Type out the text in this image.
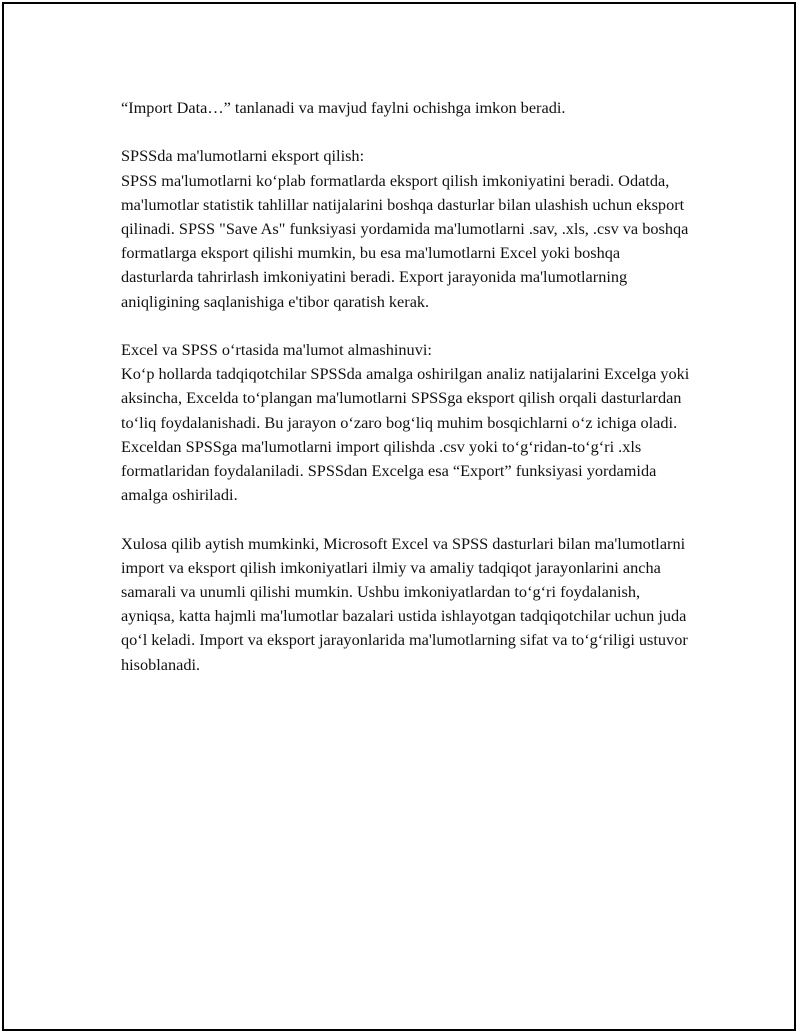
“Import Data…” tanlanadi va mavjud faylni ochishga imkon beradi.

SPSSda ma'lumotlarni eksport qilish:

SPSS ma'lumotlarni ko‘plab formatlarda eksport qilish imkoniyatini beradi. Odatda, ma'lumotlar statistik tahlillar natijalarini boshqa dasturlar bilan ulashish uchun eksport qilinadi. SPSS "Save As" funksiyasi yordamida ma'lumotlarni .sav, .xls, .csv va boshqa formatlarga eksport qilishi mumkin, bu esa ma'lumotlarni Excel yoki boshqa dasturlarda tahrirlash imkoniyatini beradi. Export jarayonida ma'lumotlarning aniqligining saqlanishiga e'tibor qaratish kerak.

Excel va SPSS o‘rtasida ma'lumot almashinuvi:

Ko‘p hollarda tadqiqotchilar SPSSda amalga oshirilgan analiz natijalarini Excelga yoki aksincha, Excelda to‘plangan ma'lumotlarni SPSSga eksport qilish orqali dasturlardan to‘liq foydalanishadi. Bu jarayon o‘zaro bog‘liq muhim bosqichlarni o‘z ichiga oladi. Exceldan SPSSga ma'lumotlarni import qilishda .csv yoki to‘g‘ridan-to‘g‘ri .xls formatlaridan foydalaniladi. SPSSdan Excelga esa “Export” funksiyasi yordamida amalga oshiriladi.

Xulosa qilib aytish mumkinki, Microsoft Excel va SPSS dasturlari bilan ma'lumotlarni import va eksport qilish imkoniyatlari ilmiy va amaliy tadqiqot jarayonlarini ancha samarali va unumli qilishi mumkin. Ushbu imkoniyatlardan to‘g‘ri foydalanish, ayniqsa, katta hajmli ma'lumotlar bazalari ustida ishlayotgan tadqiqotchilar uchun juda qo‘l keladi. Import va eksport jarayonlarida ma'lumotlarning sifat va to‘g‘riligi ustuvor hisoblanadi.
